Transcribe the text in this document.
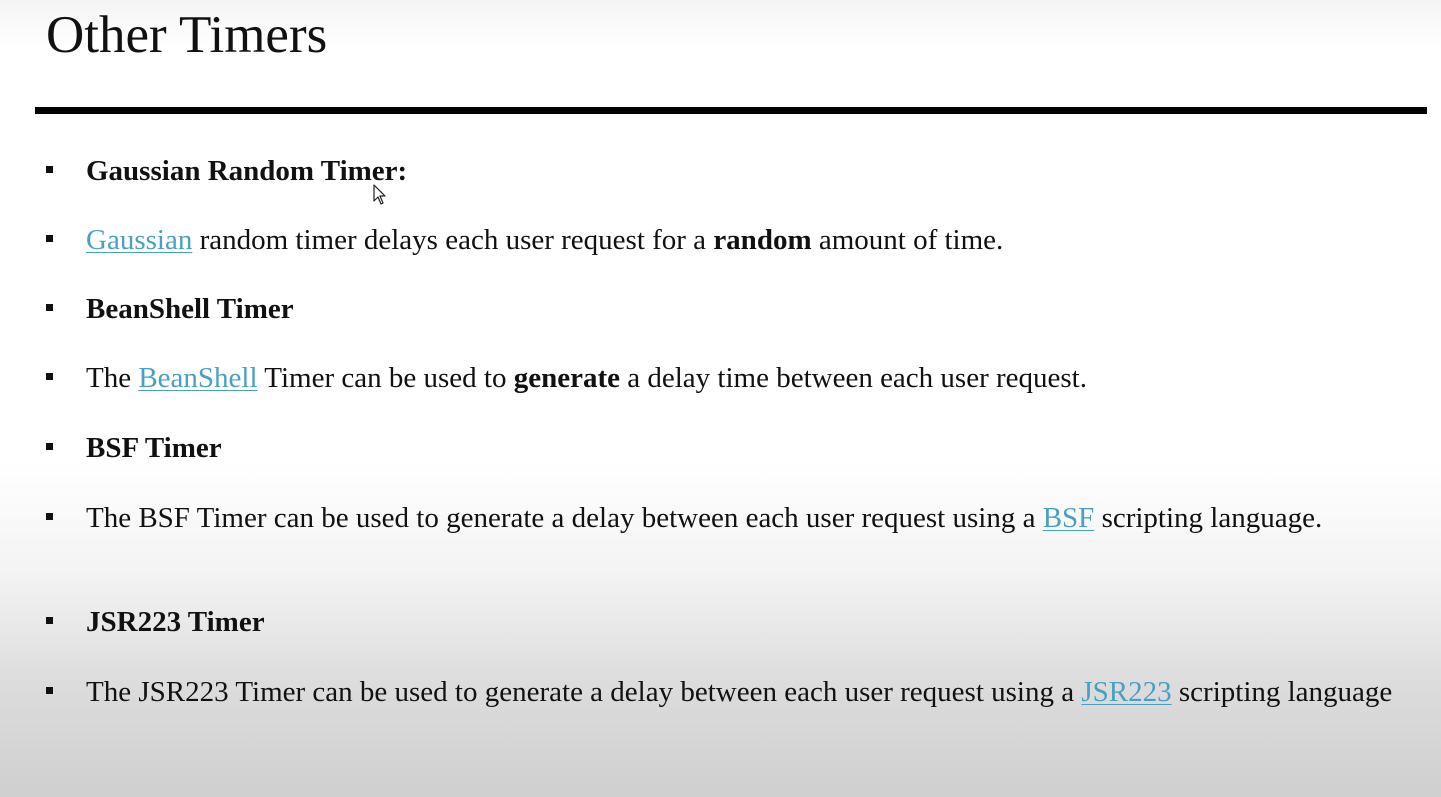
Other Timers
Gaussian Random Timer:
Gaussian random timer delays each user request for a random amount of time.
BeanShell Timer
The BeanShell Timer can be used to generate a delay time between each user request.
BSF Timer
The BSF Timer can be used to generate a delay between each user request using a BSF scripting language.
JSR223 Timer
The JSR223 Timer can be used to generate a delay between each user request using a JSR223 scripting language
